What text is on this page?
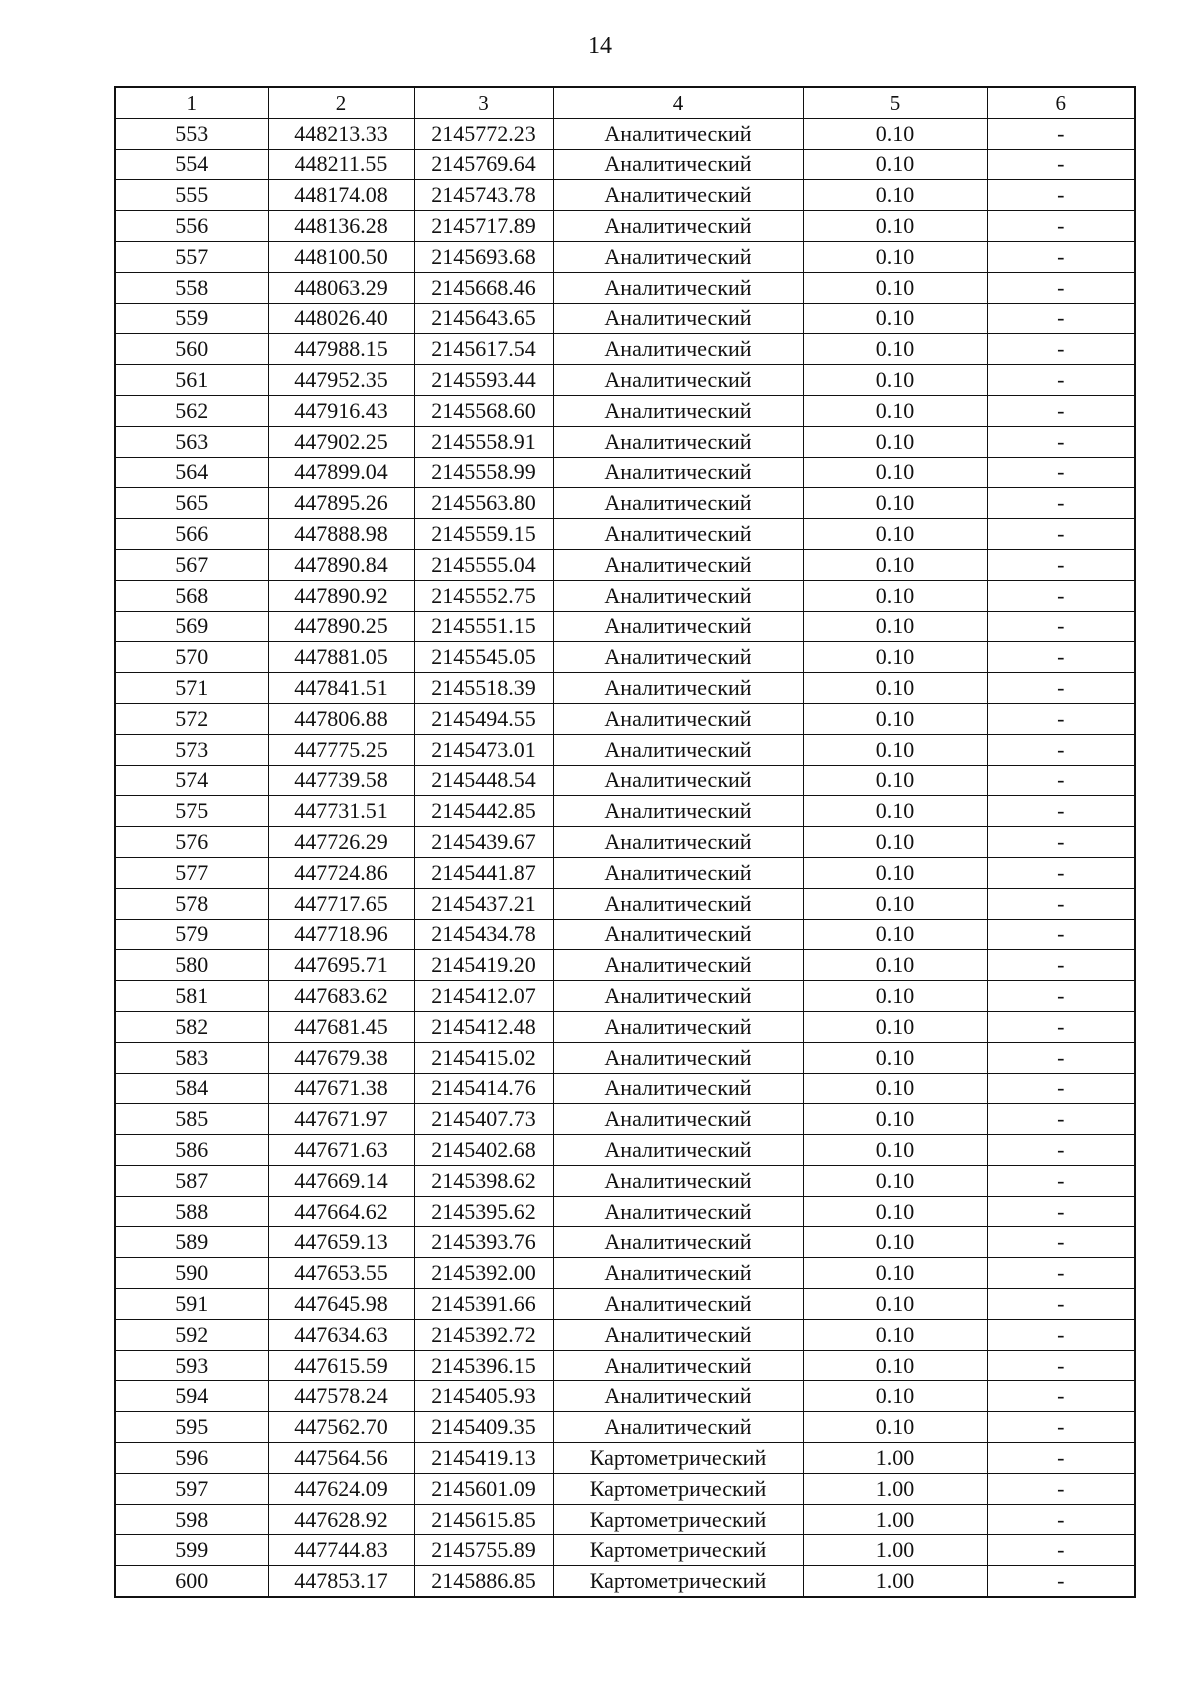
14
1	2	3	4	5	6
553	448213.33	2145772.23	Аналитический	0.10	-
554	448211.55	2145769.64	Аналитический	0.10	-
555	448174.08	2145743.78	Аналитический	0.10	-
556	448136.28	2145717.89	Аналитический	0.10	-
557	448100.50	2145693.68	Аналитический	0.10	-
558	448063.29	2145668.46	Аналитический	0.10	-
559	448026.40	2145643.65	Аналитический	0.10	-
560	447988.15	2145617.54	Аналитический	0.10	-
561	447952.35	2145593.44	Аналитический	0.10	-
562	447916.43	2145568.60	Аналитический	0.10	-
563	447902.25	2145558.91	Аналитический	0.10	-
564	447899.04	2145558.99	Аналитический	0.10	-
565	447895.26	2145563.80	Аналитический	0.10	-
566	447888.98	2145559.15	Аналитический	0.10	-
567	447890.84	2145555.04	Аналитический	0.10	-
568	447890.92	2145552.75	Аналитический	0.10	-
569	447890.25	2145551.15	Аналитический	0.10	-
570	447881.05	2145545.05	Аналитический	0.10	-
571	447841.51	2145518.39	Аналитический	0.10	-
572	447806.88	2145494.55	Аналитический	0.10	-
573	447775.25	2145473.01	Аналитический	0.10	-
574	447739.58	2145448.54	Аналитический	0.10	-
575	447731.51	2145442.85	Аналитический	0.10	-
576	447726.29	2145439.67	Аналитический	0.10	-
577	447724.86	2145441.87	Аналитический	0.10	-
578	447717.65	2145437.21	Аналитический	0.10	-
579	447718.96	2145434.78	Аналитический	0.10	-
580	447695.71	2145419.20	Аналитический	0.10	-
581	447683.62	2145412.07	Аналитический	0.10	-
582	447681.45	2145412.48	Аналитический	0.10	-
583	447679.38	2145415.02	Аналитический	0.10	-
584	447671.38	2145414.76	Аналитический	0.10	-
585	447671.97	2145407.73	Аналитический	0.10	-
586	447671.63	2145402.68	Аналитический	0.10	-
587	447669.14	2145398.62	Аналитический	0.10	-
588	447664.62	2145395.62	Аналитический	0.10	-
589	447659.13	2145393.76	Аналитический	0.10	-
590	447653.55	2145392.00	Аналитический	0.10	-
591	447645.98	2145391.66	Аналитический	0.10	-
592	447634.63	2145392.72	Аналитический	0.10	-
593	447615.59	2145396.15	Аналитический	0.10	-
594	447578.24	2145405.93	Аналитический	0.10	-
595	447562.70	2145409.35	Аналитический	0.10	-
596	447564.56	2145419.13	Картометрический	1.00	-
597	447624.09	2145601.09	Картометрический	1.00	-
598	447628.92	2145615.85	Картометрический	1.00	-
599	447744.83	2145755.89	Картометрический	1.00	-
600	447853.17	2145886.85	Картометрический	1.00	-
